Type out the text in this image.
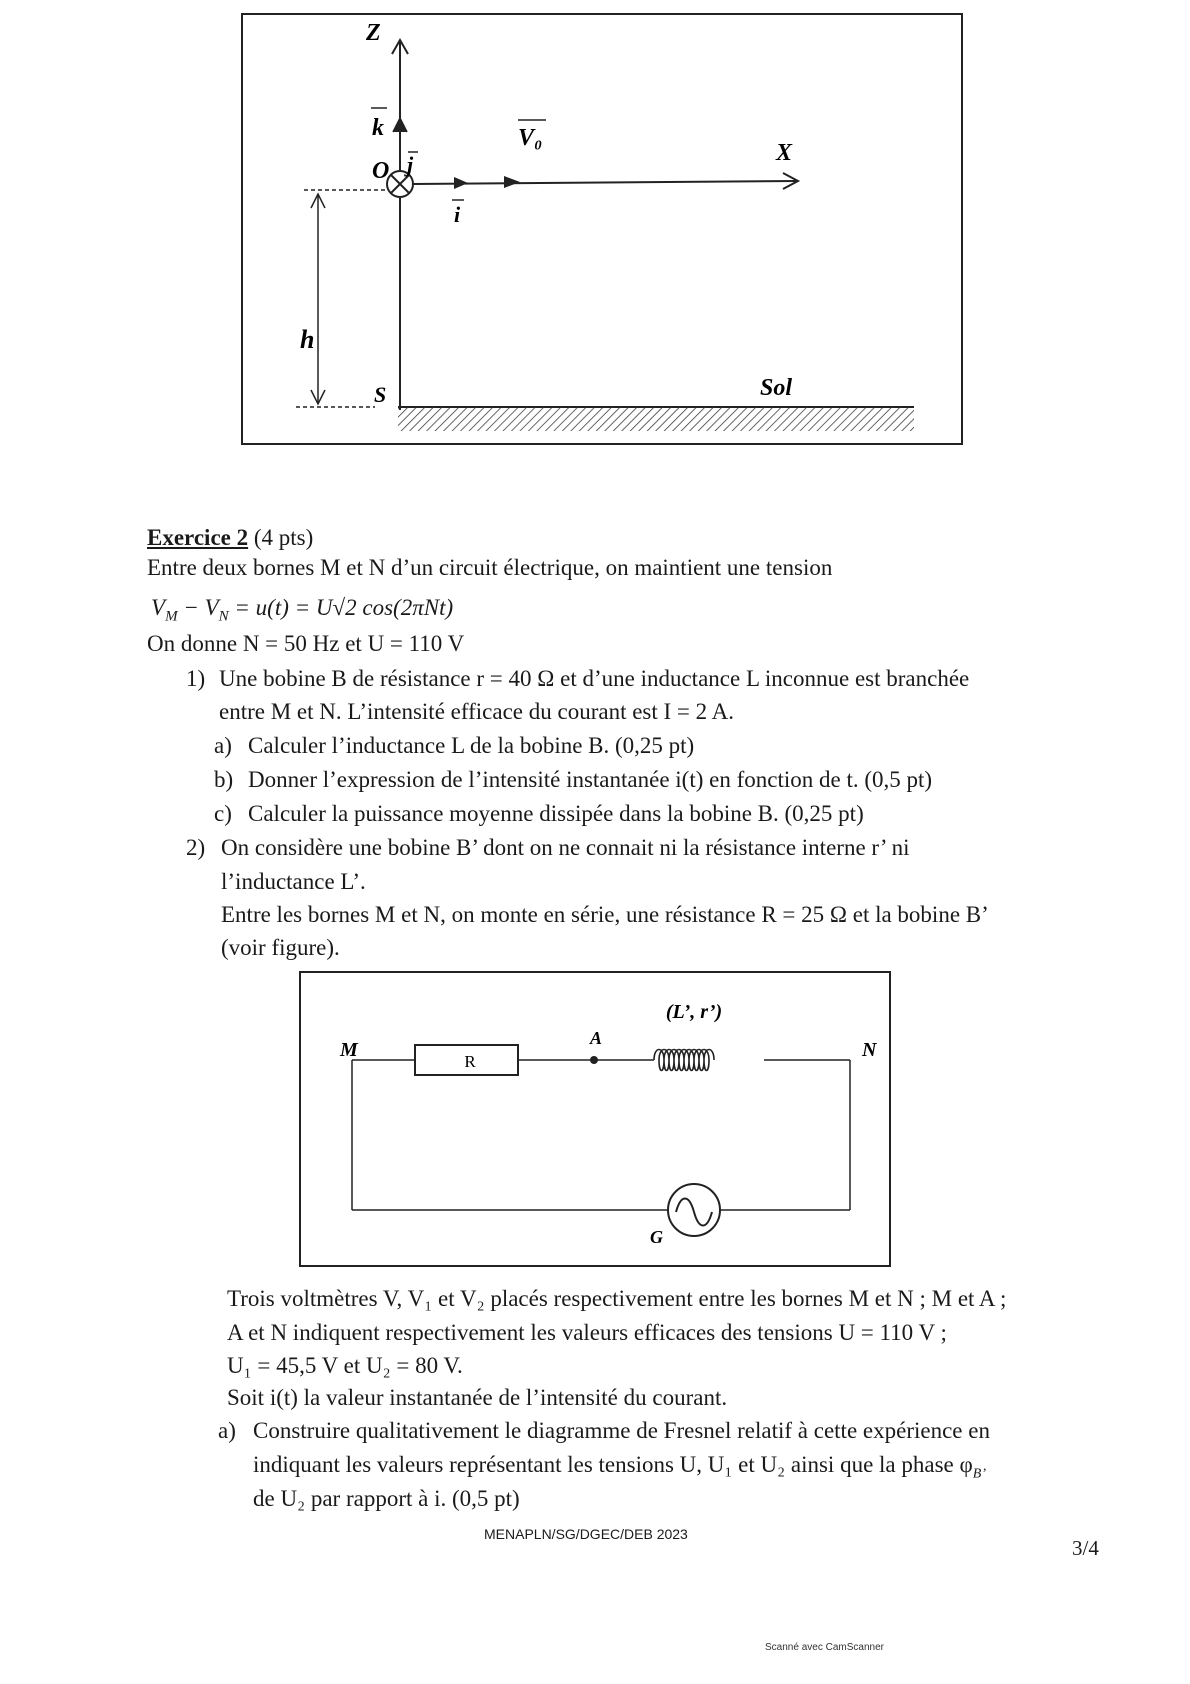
Z
k
X
i
V₀
O j
h
S	Sol
Exercice 2 (4 pts)
Entre deux bornes M et N d’un circuit électrique, on maintient une tension
$V_M - V_N = u(t) = U√2$ cos(2πNt)
On donne N = 50 Hz et U = 110 V
1) Une bobine B de résistance r = 40 Ω et d’une inductance L inconnue est branchée
entre M et N. L’intensité efficace du courant est I = 2 A.
a) Calculer l’inductance L de la bobine B. (0,25 pt)
b) Donner l’expression de l’intensité instantanée i(t) en fonction de t. (0,5 pt)
c) Calculer la puissance moyenne dissipée dans la bobine B. (0,25 pt)
2) On considère une bobine B’ dont on ne connait ni la résistance interne r’ ni
l’inductance L’.
Entre les bornes M et N, on monte en série, une résistance R = 25 Ω et la bobine B’
(voir figure).
M	N
R
A
(L’, r’)
G
Trois voltmètres V, V₁ et V₂ placés respectivement entre les bornes M et N ; M et A ;
A et N indiquent respectivement les valeurs efficaces des tensions U = 110 V ;
U₁ = 45,5 V et U₂ = 80 V.
Soit i(t) la valeur instantanée de l’intensité du courant.
a) Construire qualitativement le diagramme de Fresnel relatif à cette expérience en
indiquant les valeurs représentant les tensions U, U₁ et U₂ ainsi que la phase $\varphi_{B’}$
de U₂ par rapport à i. (0,5 pt)
MENAPLN/SG/DGEC/DEB 2023
3/4
Scanné avec CamScanner
